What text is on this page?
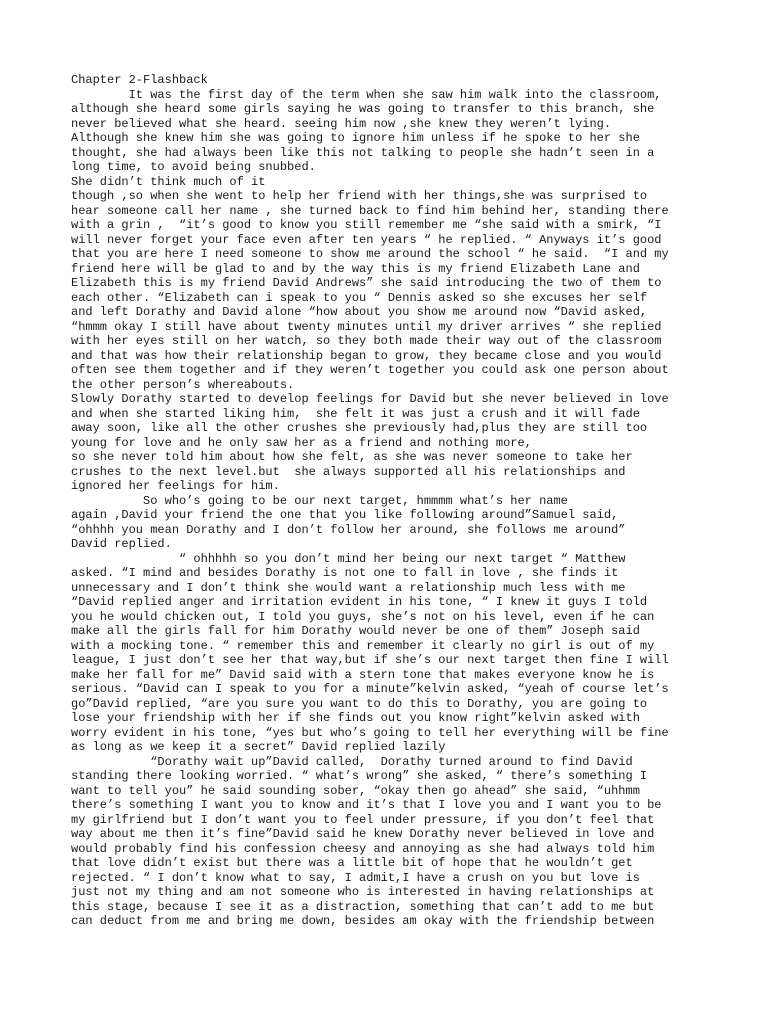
Chapter 2-Flashback
It was the first day of the term when she saw him walk into the classroom,
although she heard some girls saying he was going to transfer to this branch, she
never believed what she heard. seeing him now ,she knew they weren’t lying.
Although she knew him she was going to ignore him unless if he spoke to her she
thought, she had always been like this not talking to people she hadn’t seen in a
long time, to avoid being snubbed.
She didn’t think much of it
though ,so when she went to help her friend with her things,she was surprised to
hear someone call her name , she turned back to find him behind her, standing there
with a grin ,  “it’s good to know you still remember me “she said with a smirk, “I
will never forget your face even after ten years “ he replied. “ Anyways it’s good
that you are here I need someone to show me around the school “ he said.  “I and my
friend here will be glad to and by the way this is my friend Elizabeth Lane and
Elizabeth this is my friend David Andrews” she said introducing the two of them to
each other. “Elizabeth can i speak to you “ Dennis asked so she excuses her self
and left Dorathy and David alone “how about you show me around now “David asked,
“hmmm okay I still have about twenty minutes until my driver arrives “ she replied
with her eyes still on her watch, so they both made their way out of the classroom
and that was how their relationship began to grow, they became close and you would
often see them together and if they weren’t together you could ask one person about
the other person’s whereabouts.
Slowly Dorathy started to develop feelings for David but she never believed in love
and when she started liking him,  she felt it was just a crush and it will fade
away soon, like all the other crushes she previously had,plus they are still too
young for love and he only saw her as a friend and nothing more,
so she never told him about how she felt, as she was never someone to take her
crushes to the next level.but  she always supported all his relationships and
ignored her feelings for him.
So who’s going to be our next target, hmmmm what’s her name
again ,David your friend the one that you like following around”Samuel said,
“ohhhh you mean Dorathy and I don’t follow her around, she follows me around”
David replied.
“ ohhhhh so you don’t mind her being our next target “ Matthew
asked. “I mind and besides Dorathy is not one to fall in love , she finds it
unnecessary and I don’t think she would want a relationship much less with me
“David replied anger and irritation evident in his tone, “ I knew it guys I told
you he would chicken out, I told you guys, she’s not on his level, even if he can
make all the girls fall for him Dorathy would never be one of them” Joseph said
with a mocking tone. “ remember this and remember it clearly no girl is out of my
league, I just don’t see her that way,but if she’s our next target then fine I will
make her fall for me” David said with a stern tone that makes everyone know he is
serious. “David can I speak to you for a minute”kelvin asked, “yeah of course let’s
go”David replied, “are you sure you want to do this to Dorathy, you are going to
lose your friendship with her if she finds out you know right”kelvin asked with
worry evident in his tone, “yes but who’s going to tell her everything will be fine
as long as we keep it a secret” David replied lazily
“Dorathy wait up”David called,  Dorathy turned around to find David
standing there looking worried. “ what’s wrong” she asked, “ there’s something I
want to tell you” he said sounding sober, “okay then go ahead” she said, “uhhmm
there’s something I want you to know and it’s that I love you and I want you to be
my girlfriend but I don’t want you to feel under pressure, if you don’t feel that
way about me then it’s fine”David said he knew Dorathy never believed in love and
would probably find his confession cheesy and annoying as she had always told him
that love didn’t exist but there was a little bit of hope that he wouldn’t get
rejected. “ I don’t know what to say, I admit,I have a crush on you but love is
just not my thing and am not someone who is interested in having relationships at
this stage, because I see it as a distraction, something that can’t add to me but
can deduct from me and bring me down, besides am okay with the friendship between
